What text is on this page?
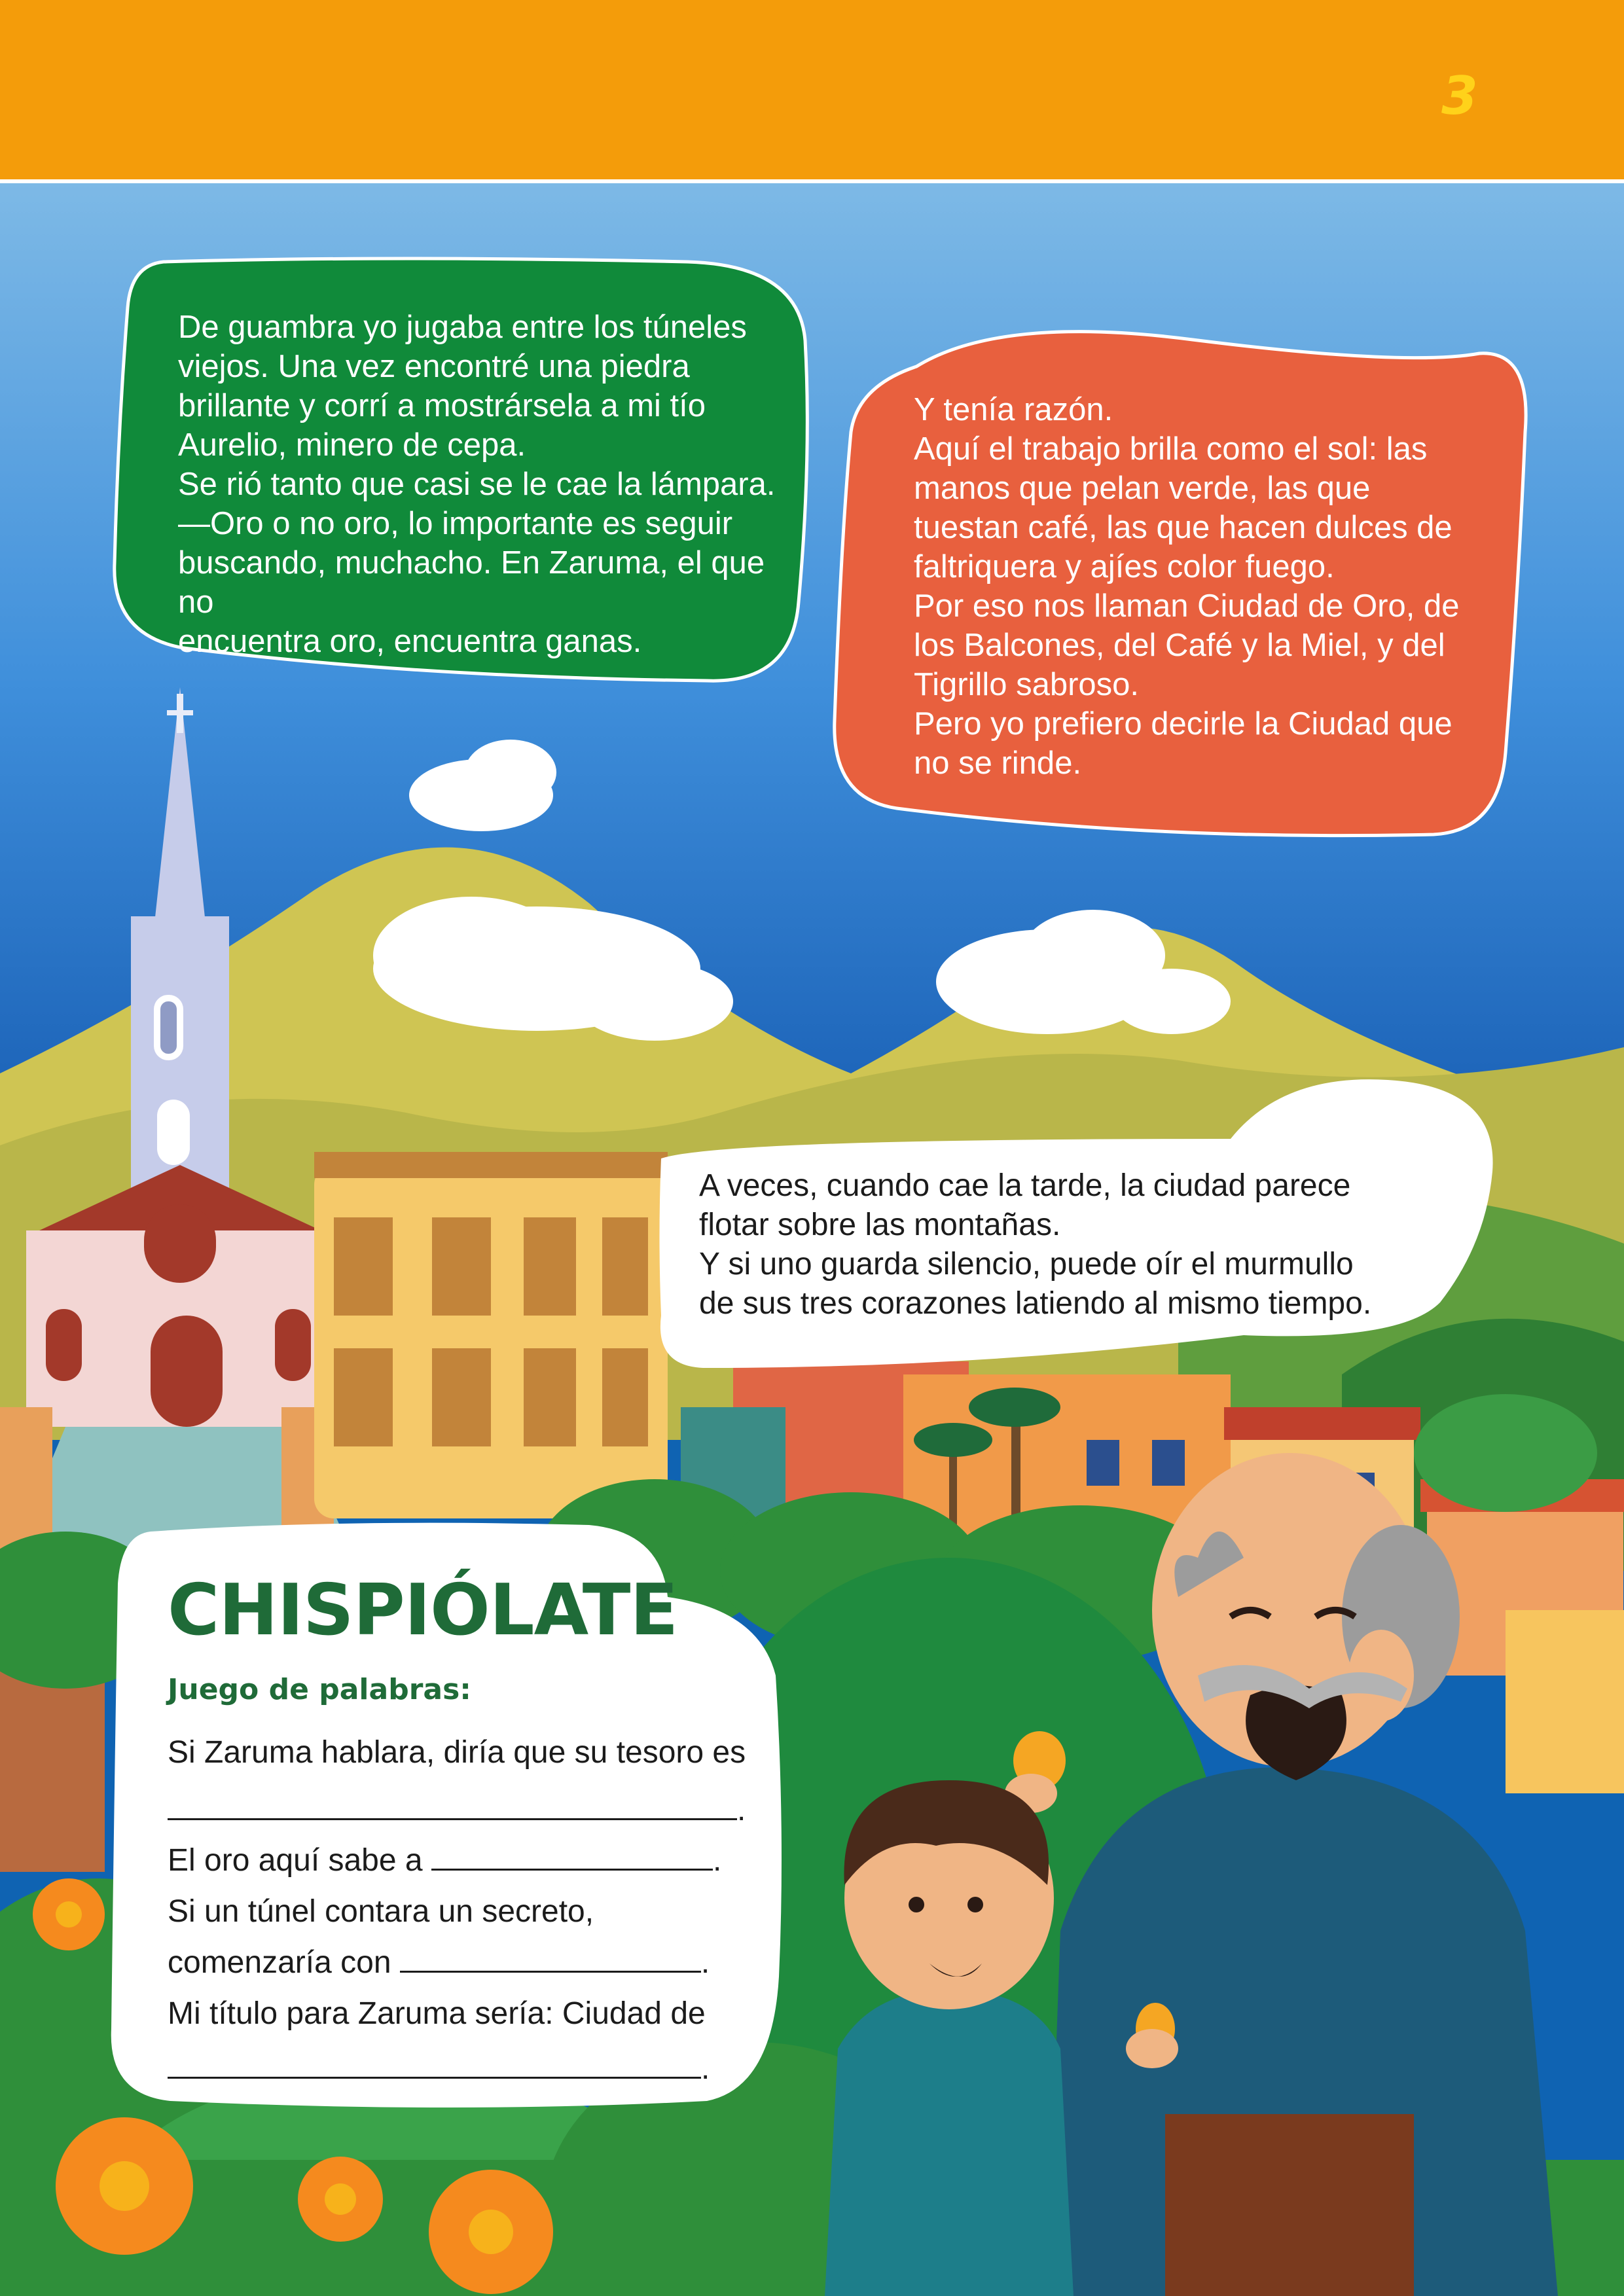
3
De guambra yo jugaba entre los túneles
viejos. Una vez encontré una piedra
brillante y corrí a mostrársela a mi tío
Aurelio, minero de cepa.
Se rió tanto que casi se le cae la lámpara.
—Oro o no oro, lo importante es seguir
buscando, muchacho. En Zaruma, el que no
encuentra oro, encuentra ganas.
Y tenía razón.
Aquí el trabajo brilla como el sol: las
manos que pelan verde, las que
tuestan café, las que hacen dulces de
faltriquera y ajíes color fuego.
Por eso nos llaman Ciudad de Oro, de
los Balcones, del Café y la Miel, y del
Tigrillo sabroso.
Pero yo prefiero decirle la Ciudad que
no se rinde.
A veces, cuando cae la tarde, la ciudad parece
flotar sobre las montañas.
Y si uno guarda silencio, puede oír el murmullo
de sus tres corazones latiendo al mismo tiempo.
CHISPIÓLATE
Juego de palabras:
Si Zaruma hablara, diría que su tesoro es
.
El oro aquí sabe a	.
Si un túnel contara un secreto,
comenzaría con	.
Mi título para Zaruma sería: Ciudad de
.
